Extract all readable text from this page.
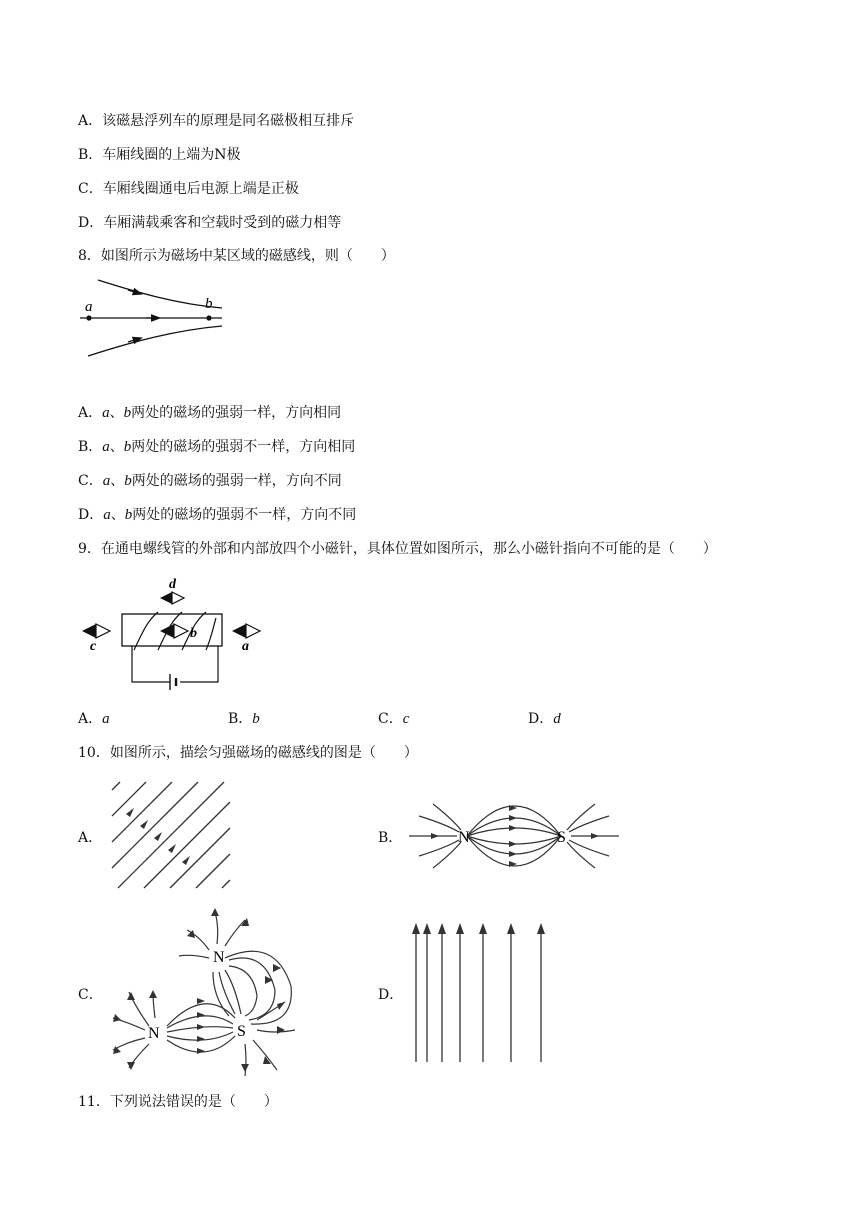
A．该磁悬浮列车的原理是同名磁极相互排斥
B．车厢线圈的上端为N极
C．车厢线圈通电后电源上端是正极
D．车厢满载乘客和空载时受到的磁力相等
8．如图所示为磁场中某区域的磁感线，则（　　）
a	b
A．a、b两处的磁场的强弱一样，方向相同
B．a、b两处的磁场的强弱不一样，方向相同
C．a、b两处的磁场的强弱一样，方向不同
D．a、b两处的磁场的强弱不一样，方向不同
9．在通电螺线管的外部和内部放四个小磁针，具体位置如图所示，那么小磁针指向不可能的是（　　）
d
b
c	a
A．a	B．b	C．c	D．d
10．如图所示，描绘匀强磁场的磁感线的图是（　　）
A．	B．	N	S
C．
N
N	S
D．
11．下列说法错误的是（　　）
